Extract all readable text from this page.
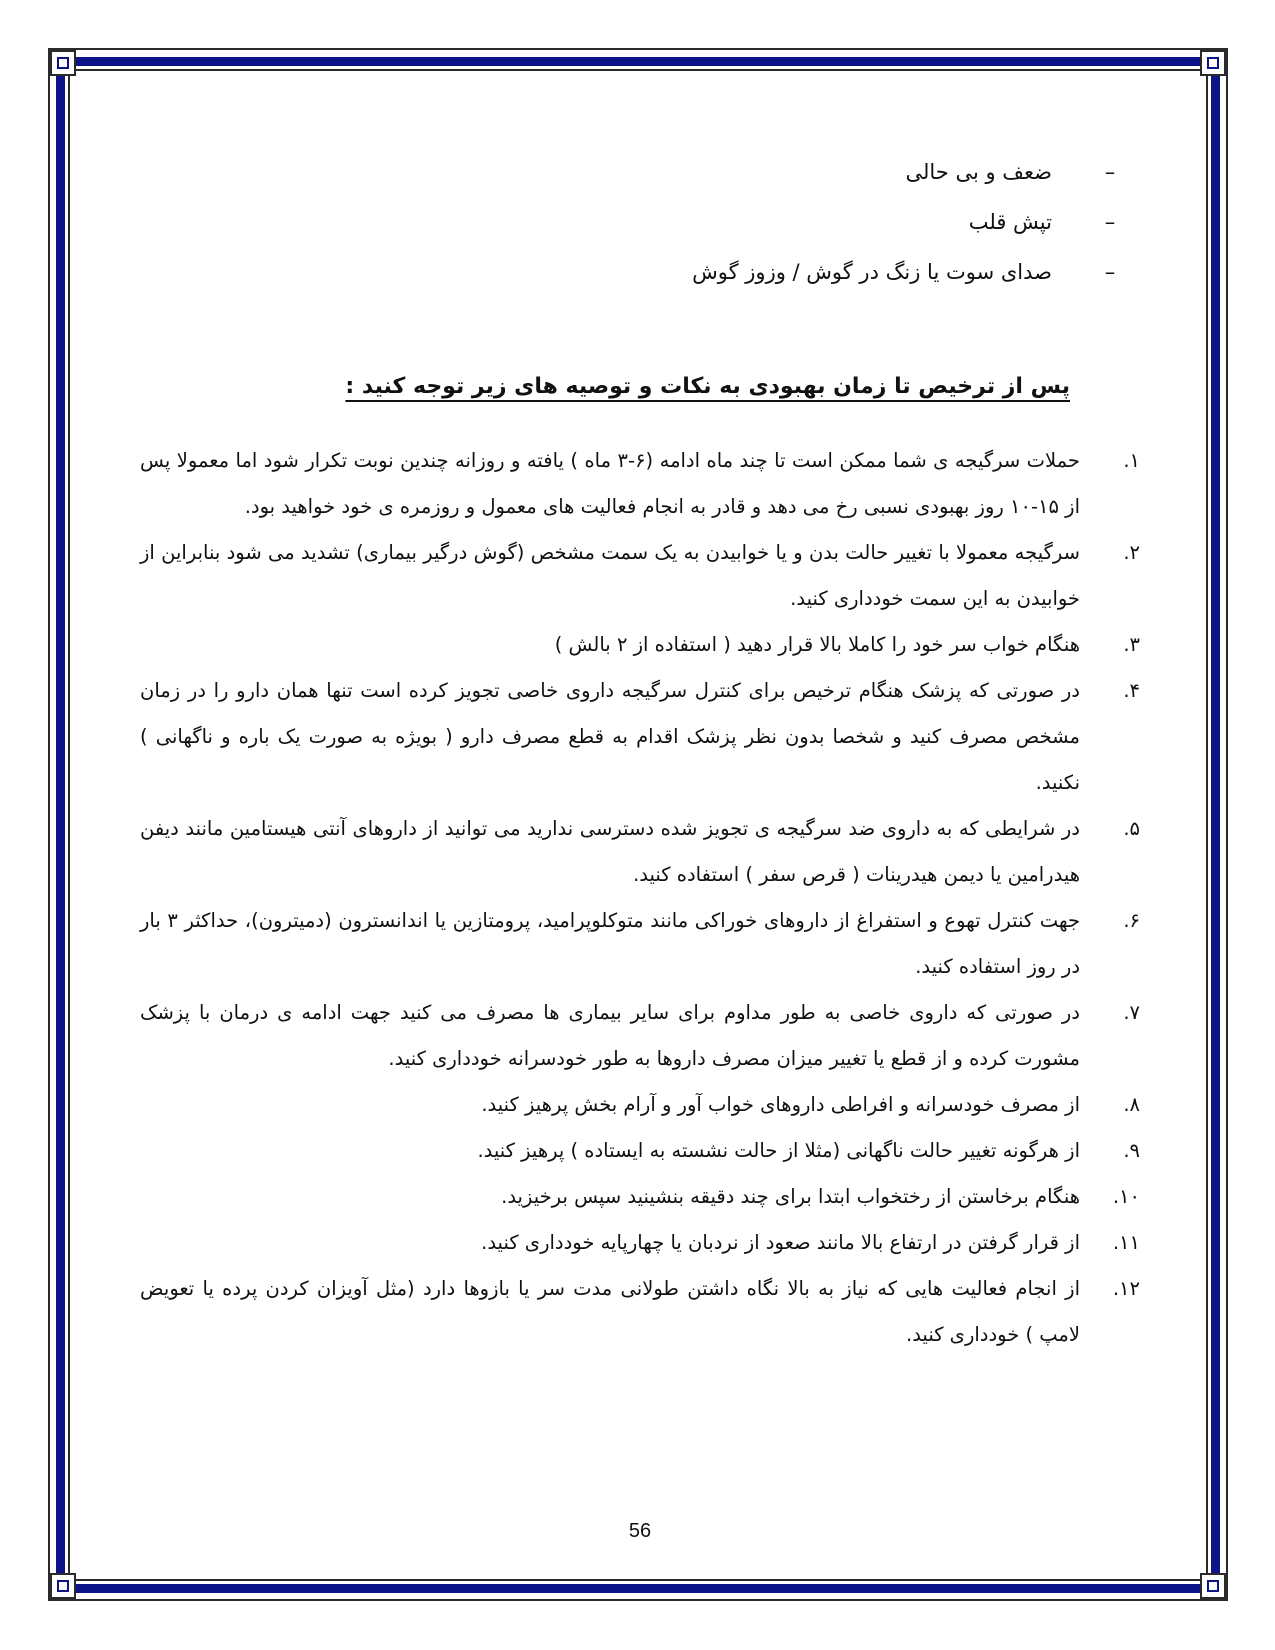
–
ضعف و بی حالی
–
تپش قلب
–
صدای سوت یا زنگ در گوش / وزوز گوش
پس از ترخیص تا زمان بهبودی به نکات و توصیه های زیر توجه کنید :
۱.
حملات سرگیجه ی شما ممکن است تا چند ماه ادامه (۶-۳ ماه ) یافته و روزانه چندین نوبت تکرار شود اما معمولا پس از ۱۵-۱۰ روز بهبودی نسبی رخ می دهد و قادر به انجام فعالیت های معمول و روزمره ی خود خواهید بود.
۲.
سرگیجه معمولا با تغییر حالت بدن و یا خوابیدن به یک سمت مشخص (گوش درگیر بیماری) تشدید می شود بنابراین از خوابیدن به این سمت خودداری کنید.
۳.
هنگام خواب سر خود را کاملا بالا قرار دهید ( استفاده از ۲ بالش )
۴.
در صورتی که پزشک هنگام ترخیص برای کنترل سرگیجه داروی خاصی تجویز کرده است تنها همان دارو را در زمان مشخص مصرف کنید و شخصا بدون نظر پزشک اقدام به قطع مصرف دارو ( بویژه به صورت یک باره و ناگهانی ) نکنید.
۵.
در شرایطی که به داروی ضد سرگیجه ی تجویز شده دسترسی ندارید می توانید از داروهای آنتی هیستامین مانند دیفن هیدرامین یا دیمن هیدرینات ( قرص سفر ) استفاده کنید.
۶.
جهت کنترل تهوع و استفراغ از داروهای خوراکی مانند متوکلوپرامید، پرومتازین یا اندانسترون (دمیترون)، حداکثر ۳ بار در روز استفاده کنید.
۷.
در صورتی که داروی خاصی به طور مداوم برای سایر بیماری ها مصرف می کنید جهت ادامه ی درمان با پزشک مشورت کرده و از قطع یا تغییر میزان مصرف داروها به طور خودسرانه خودداری کنید.
۸.
از مصرف خودسرانه و افراطی داروهای خواب آور و آرام بخش پرهیز کنید.
۹.
از هرگونه تغییر حالت ناگهانی (مثلا از حالت نشسته به ایستاده ) پرهیز کنید.
۱۰.
هنگام برخاستن از رختخواب ابتدا برای چند دقیقه بنشینید سپس برخیزید.
۱۱.
از قرار گرفتن در ارتفاع بالا مانند صعود از نردبان یا چهارپایه خودداری کنید.
۱۲.
از انجام فعالیت هایی که نیاز به بالا نگاه داشتن طولانی مدت سر یا بازوها دارد (مثل آویزان کردن پرده یا تعویض لامپ ) خودداری کنید.
56
